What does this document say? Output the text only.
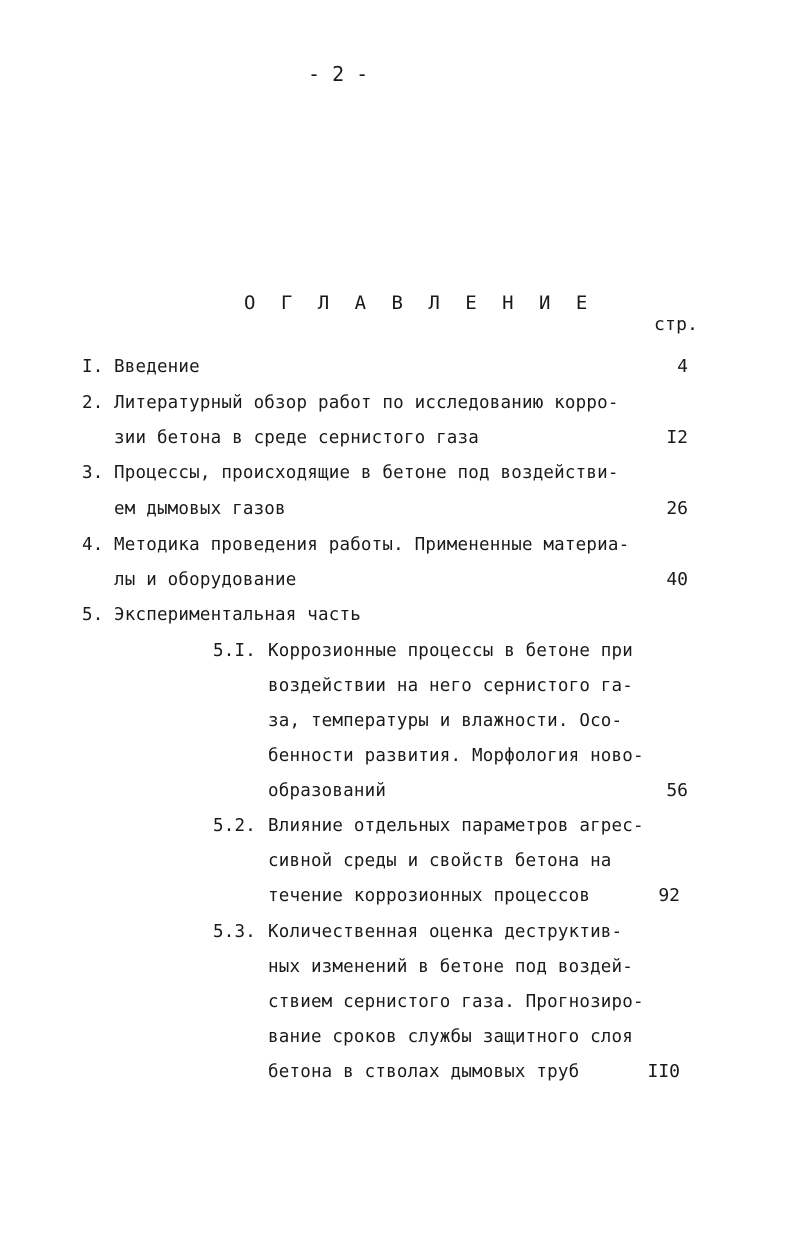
- 2 -
О Г Л А В Л Е Н И Е
стр.
I. Введение	4
2. Литературный обзор работ по исследованию корро-
зии бетона в среде сернистого газа	I2
3. Процессы, происходящие в бетоне под воздействи-
ем дымовых газов	26
4. Методика проведения работы. Примененные материа-
лы и оборудование	40
5. Экспериментальная часть
5.I. Коррозионные процессы в бетоне при
воздействии на него сернистого га-
за, температуры и влажности. Осо-
бенности развития. Морфология ново-
образований	56
5.2. Влияние отдельных параметров агрес-
сивной среды и свойств бетона на
течение коррозионных процессов	92
5.3. Количественная оценка деструктив-
ных изменений в бетоне под воздей-
ствием сернистого газа. Прогнозиро-
вание сроков службы защитного слоя
бетона в стволах дымовых труб	II0
